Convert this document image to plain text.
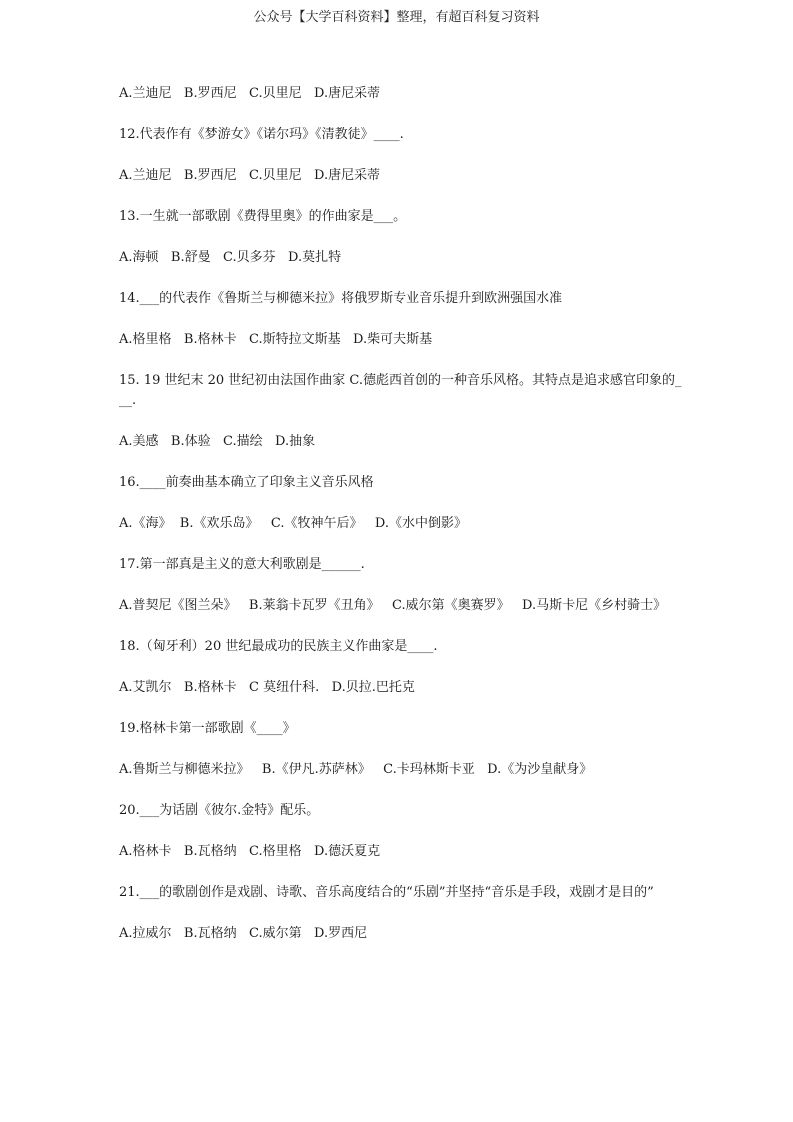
公众号【大学百科资料】整理，有超百科复习资料

A.兰迪尼   B.罗西尼   C.贝里尼   D.唐尼采蒂

12.代表作有《梦游女》《诺尔玛》《清教徒》____.

A.兰迪尼   B.罗西尼   C.贝里尼   D.唐尼采蒂

13.一生就一部歌剧《费得里奥》的作曲家是___。

A.海顿   B.舒曼   C.贝多芬   D.莫扎特

14.___的代表作《鲁斯兰与柳德米拉》将俄罗斯专业音乐提升到欧洲强国水准

A.格里格   B.格林卡   C.斯特拉文斯基   D.柴可夫斯基

15. 19 世纪末 20 世纪初由法国作曲家 C.德彪西首创的一种音乐风格。其特点是追求感官印象的___.

A.美感   B.体验   C.描绘   D.抽象

16.____前奏曲基本确立了印象主义音乐风格

A.《海》  B.《欢乐岛》   C.《牧神午后》   D.《水中倒影》

17.第一部真是主义的意大利歌剧是______.

A.普契尼《图兰朵》   B.莱翁卡瓦罗《丑角》   C.威尔第《奥赛罗》   D.马斯卡尼《乡村骑士》

18.（匈牙利）20 世纪最成功的民族主义作曲家是____.

A.艾凯尔   B.格林卡   C 莫纽什科.   D.贝拉.巴托克

19.格林卡第一部歌剧《____》

A.鲁斯兰与柳德米拉》   B.《伊凡.苏萨林》   C.卡玛林斯卡亚   D.《为沙皇献身》

20.___为话剧《彼尔.金特》配乐。

A.格林卡   B.瓦格纳   C.格里格   D.德沃夏克

21.___的歌剧创作是戏剧、诗歌、音乐高度结合的“乐剧”并坚持“音乐是手段，戏剧才是目的”

A.拉威尔   B.瓦格纳   C.威尔第   D.罗西尼
